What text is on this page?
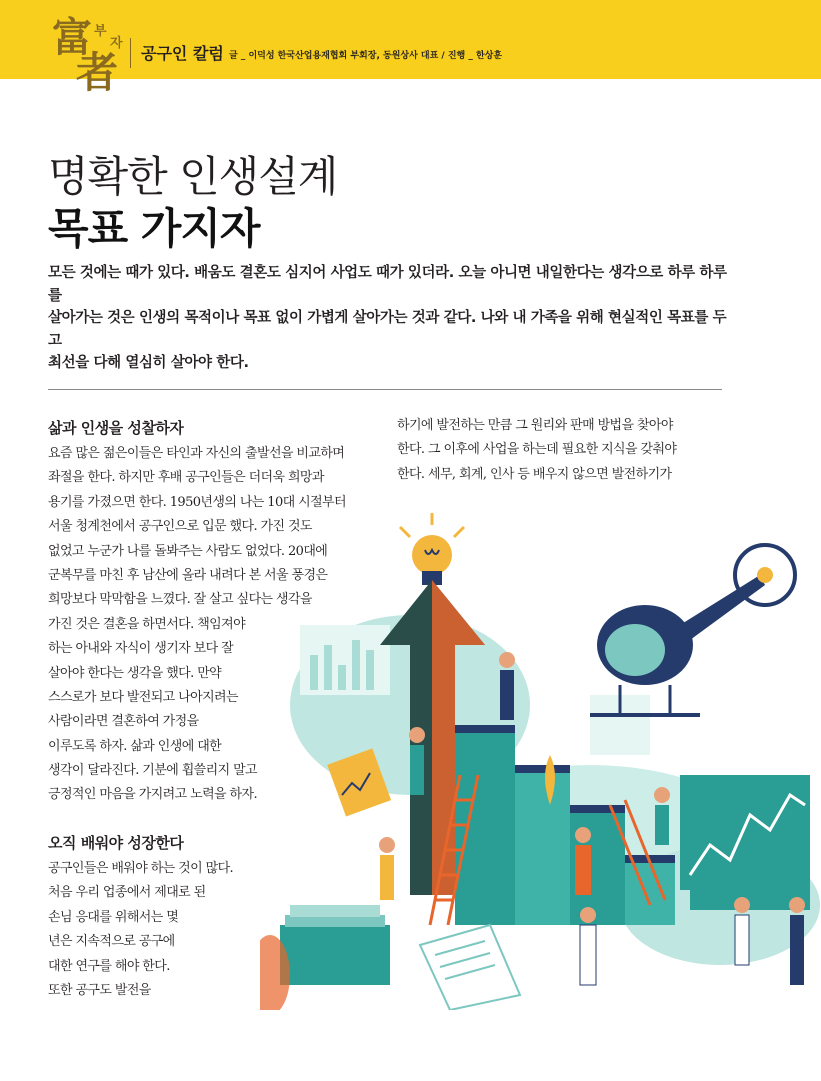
富
者
부
자
공구인 칼럼 글 _ 이덕성 한국산업용재협회 부회장, 동원상사 대표 / 진행 _ 한상훈
명확한 인생설계
목표 가지자
모든 것에는 때가 있다. 배움도 결혼도 심지어 사업도 때가 있더라. 오늘 아니면 내일한다는 생각으로 하루 하루를
살아가는 것은 인생의 목적이나 목표 없이 가볍게 살아가는 것과 같다. 나와 내 가족을 위해 현실적인 목표를 두고
최선을 다해 열심히 살아야 한다.
삶과 인생을 성찰하자
요즘 많은 젊은이들은 타인과 자신의 출발선을 비교하며
좌절을 한다. 하지만 후배 공구인들은 더더욱 희망과
용기를 가졌으면 한다. 1950년생의 나는 10대 시절부터
서울 청계천에서 공구인으로 입문 했다. 가진 것도
없었고 누군가 나를 돌봐주는 사람도 없었다. 20대에
군복무를 마친 후 남산에 올라 내려다 본 서울 풍경은
희망보다 막막함을 느꼈다. 잘 살고 싶다는 생각을
가진 것은 결혼을 하면서다. 책임져야
하는 아내와 자식이 생기자 보다 잘
살아야 한다는 생각을 했다. 만약
스스로가 보다 발전되고 나아지려는
사람이라면 결혼하여 가정을
이루도록 하자. 삶과 인생에 대한
생각이 달라진다. 기분에 휩쓸리지 말고
긍정적인 마음을 가지려고 노력을 하자.
오직 배워야 성장한다
공구인들은 배워야 하는 것이 많다.
처음 우리 업종에서 제대로 된
손님 응대를 위해서는 몇
년은 지속적으로 공구에
대한 연구를 해야 한다.
또한 공구도 발전을
하기에 발전하는 만큼 그 원리와 판매 방법을 찾아야
한다. 그 이후에 사업을 하는데 필요한 지식을 갖춰야
한다. 세무, 회계, 인사 등 배우지 않으면 발전하기가
